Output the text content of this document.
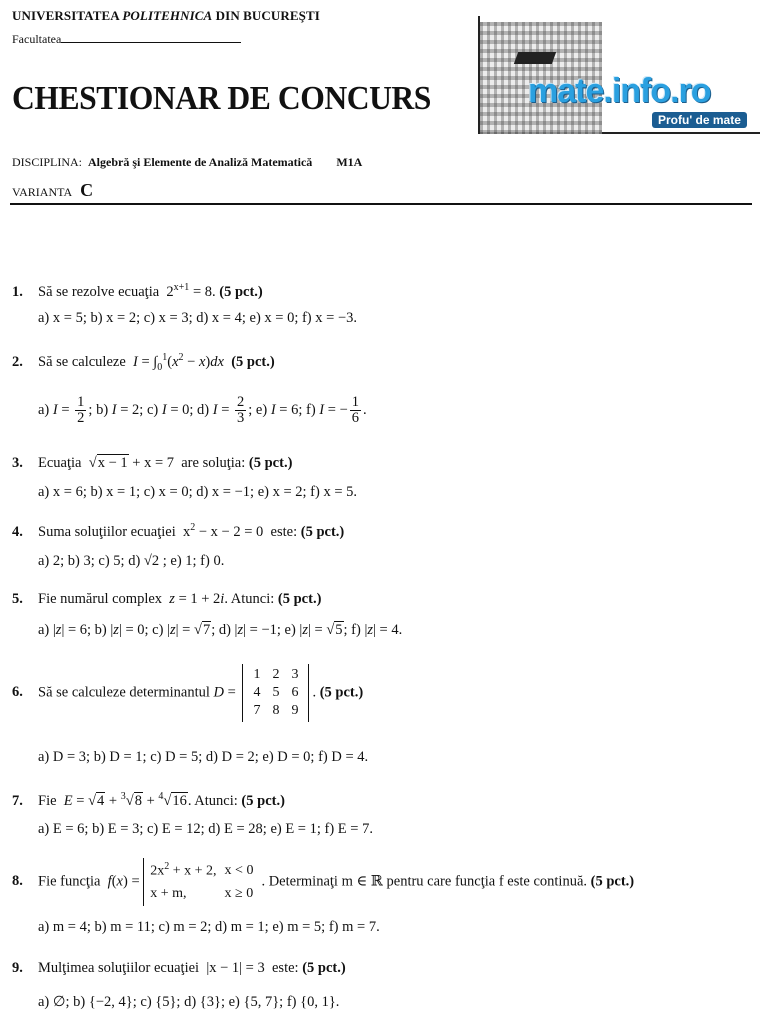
UNIVERSITATEA POLITEHNICA DIN BUCUREŞTI
Facultatea
CHESTIONAR DE CONCURS	mate.info.ro
Profu' de mate
DISCIPLINA: Algebră şi Elemente de Analiză Matematică M1A
VARIANTA C
1. Să se rezolve ecuaţia $2^{x+1} = 8$. (5 pct.)
a) x = 5; b) x = 2; c) x = 3; d) x = 4; e) x = 0; f) x = −3.
2. Să se calculeze $I = \int_0^1(x^2 - x)dx$ (5 pct.)
a) $I = \frac{1}{2}$ ; b) I = 2; c) I = 0; d) $I = \frac{2}{3}$ ; e) I = 6; f) I = − $\frac{1}{6}$ .
3. Ecuaţia  √x − 1 + x = 7  are soluţia: (5 pct.)
a) x = 6; b) x = 1; c) x = 0; d) x = −1; e) x = 2; f) x = 5.
4. Suma soluţiilor ecuaţiei  $x^2 - x - 2 = 0$  este: (5 pct.)
a) 2; b) 3; c) 5; d) √2 ; e) 1; f) 0.
5. Fie numărul complex z = 1 + 2i. Atunci: (5 pct.)
a) |z| = 6; b) |z| = 0; c) |z| = √7; d) |z| = −1; e) |z| = √5; f) |z| = 4.
6. Să se calculeze determinantul D =
1	2	3
4	5	6
7	8	9
. (5 pct.)
a) D = 3; b) D = 1; c) D = 5; d) D = 2; e) D = 0; f) D = 4.
7. Fie E = √4 + $^3$√8 + $^4$√16. Atunci: (5 pct.)
a) E = 6; b) E = 3; c) E = 12; d) E = 28; e) E = 1; f) E = 7.
8. Fie funcţia f(x) =
$2x^2 + x + 2$,	x < 0
x + m,	x ≥ 0
. Determinaţi m ∈ ℝ pentru care funcţia f este continuă. (5 pct.)
a) m = 4; b) m = 11; c) m = 2; d) m = 1; e) m = 5; f) m = 7.
9. Mulţimea soluţiilor ecuaţiei  |x − 1| = 3  este: (5 pct.)
a) ∅; b) {−2, 4}; c) {5}; d) {3}; e) {5, 7}; f) {0, 1}.
